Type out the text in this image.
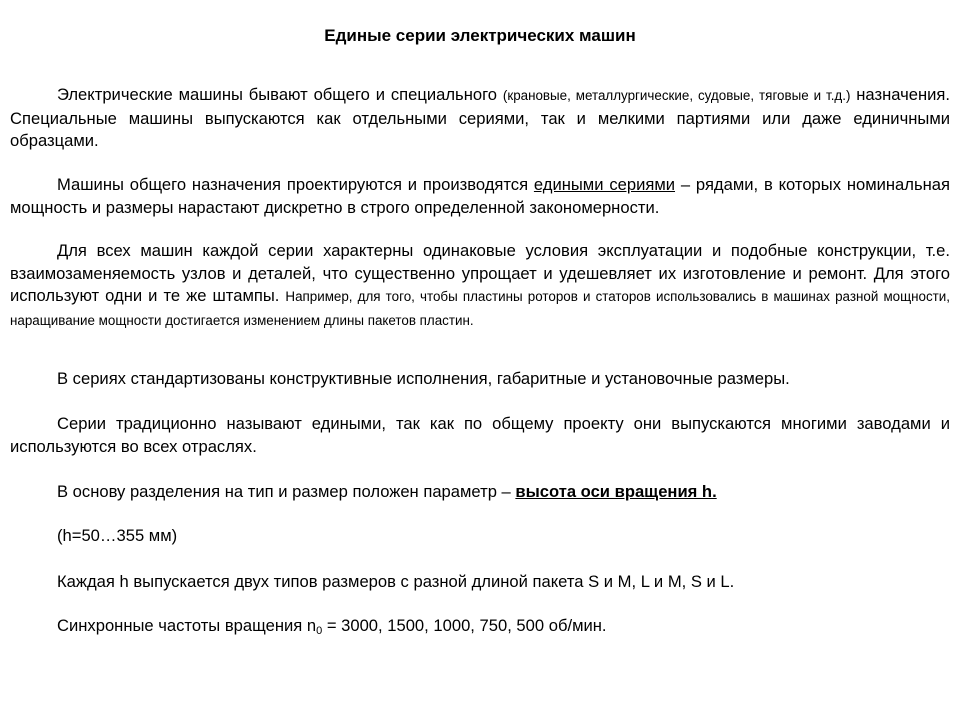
Единые серии электрических машин

Электрические машины бывают общего и специального (крановые, металлургические, судовые, тяговые и т.д.) назначения. Специальные машины выпускаются как отдельными сериями, так и мелкими партиями или даже единичными образцами.

Машины общего назначения проектируются и производятся едиными сериями – рядами, в которых номинальная мощность и размеры нарастают дискретно в строго определенной закономерности.

Для всех машин каждой серии характерны одинаковые условия эксплуатации и подобные конструкции, т.е. взаимозаменяемость узлов и деталей, что существенно упрощает и удешевляет их изготовление и ремонт. Для этого используют одни и те же штампы. Например, для того, чтобы пластины роторов и статоров использовались в машинах разной мощности, наращивание мощности достигается изменением длины пакетов пластин.

В сериях стандартизованы конструктивные исполнения, габаритные и установочные размеры.

Серии традиционно называют едиными, так как по общему проекту они выпускаются многими заводами и используются во всех отраслях.

В основу разделения на тип и размер положен параметр – высота оси вращения h.

(h=50…355 мм)

Каждая h выпускается двух типов размеров с разной длиной пакета S и M, L и M, S и L.

Синхронные частоты вращения $n_0 = 3000$, 1500, 1000, 750, 500 об/мин.
